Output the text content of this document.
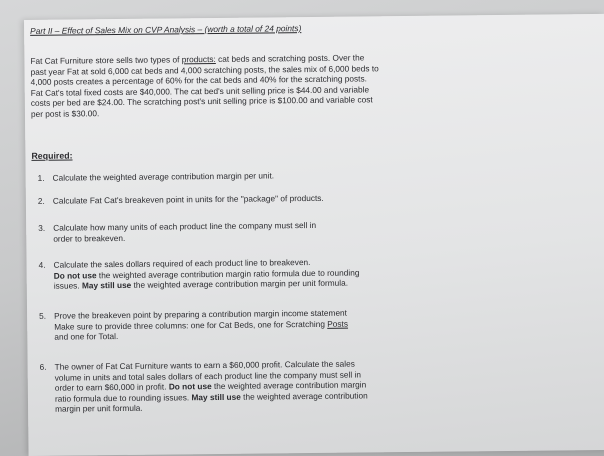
Part II – Effect of Sales Mix on CVP Analysis – (worth a total of 24 points)

Fat Cat Furniture store sells two types of products: cat beds and scratching posts. Over the

past year Fat at sold 6,000 cat beds and 4,000 scratching posts, the sales mix of 6,000 beds to

4,000 posts creates a percentage of 60% for the cat beds and 40% for the scratching posts.

Fat Cat's total fixed costs are $40,000. The cat bed's unit selling price is $44.00 and variable

costs per bed are $24.00. The scratching post's unit selling price is $100.00 and variable cost

per post is $30.00.

Required:
1. Calculate the weighted average contribution margin per unit.

2. Calculate Fat Cat's breakeven point in units for the "package" of products.

3. Calculate how many units of each product line the company must sell in

order to breakeven.

4. Calculate the sales dollars required of each product line to breakeven.

Do not use the weighted average contribution margin ratio formula due to rounding

issues. May still use the weighted average contribution margin per unit formula.

5. Prove the breakeven point by preparing a contribution margin income statement

Make sure to provide three columns: one for Cat Beds, one for Scratching Posts

and one for Total.

6. The owner of Fat Cat Furniture wants to earn a $60,000 profit. Calculate the sales

volume in units and total sales dollars of each product line the company must sell in

order to earn $60,000 in profit. Do not use the weighted average contribution margin

ratio formula due to rounding issues. May still use the weighted average contribution

margin per unit formula.
